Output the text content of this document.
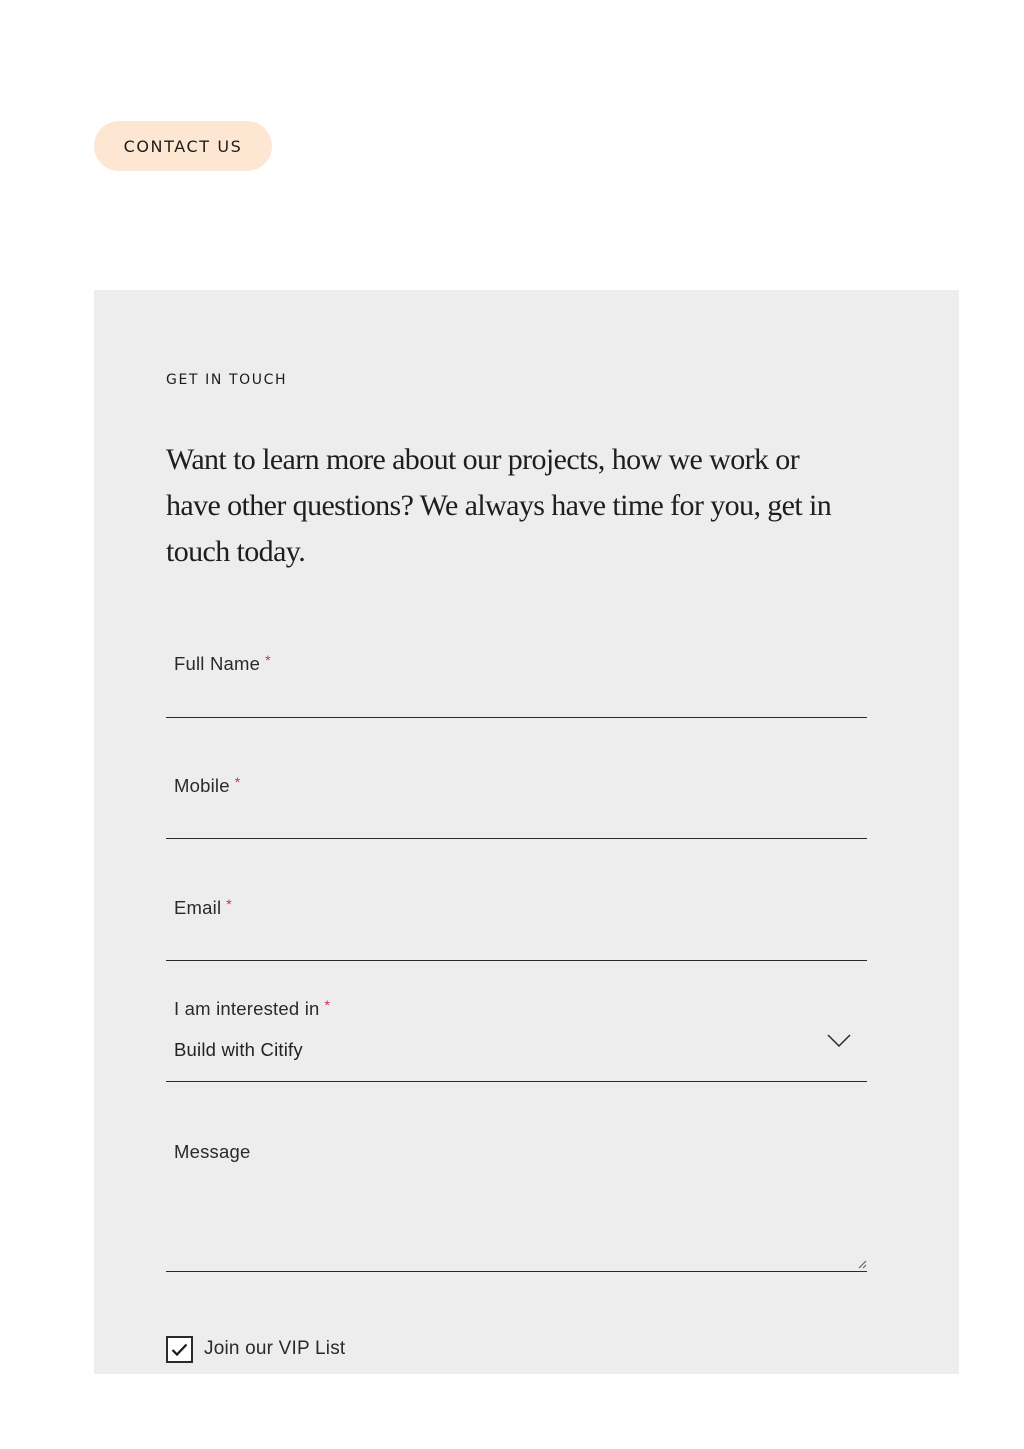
CONTACT US
GET IN TOUCH

Want to learn more about our projects, how we work or have other questions? We always have time for you, get in touch today.

Full Name *
Mobile *
Email *
I am interested in *
Build with Citify
Message
Join our VIP List
